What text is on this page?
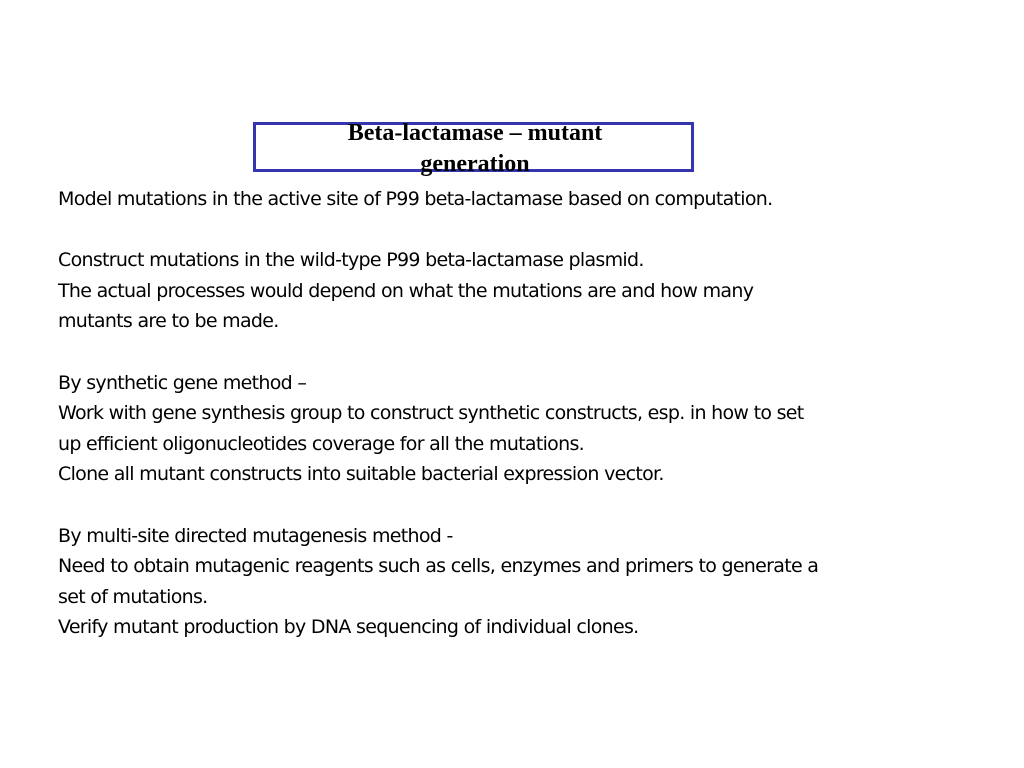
Beta-lactamase – mutant
generation

Model mutations in the active site of P99 beta-lactamase based on computation.

Construct mutations in the wild-type P99 beta-lactamase plasmid.

The actual processes would depend on what the mutations are and how many

mutants are to be made.

By synthetic gene method –

Work with gene synthesis group to construct synthetic constructs, esp. in how to set

up efficient oligonucleotides coverage for all the mutations.

Clone all mutant constructs into suitable bacterial expression vector.

By multi-site directed mutagenesis method -

Need to obtain mutagenic reagents such as cells, enzymes and primers to generate a

set of mutations.

Verify mutant production by DNA sequencing of individual clones.
